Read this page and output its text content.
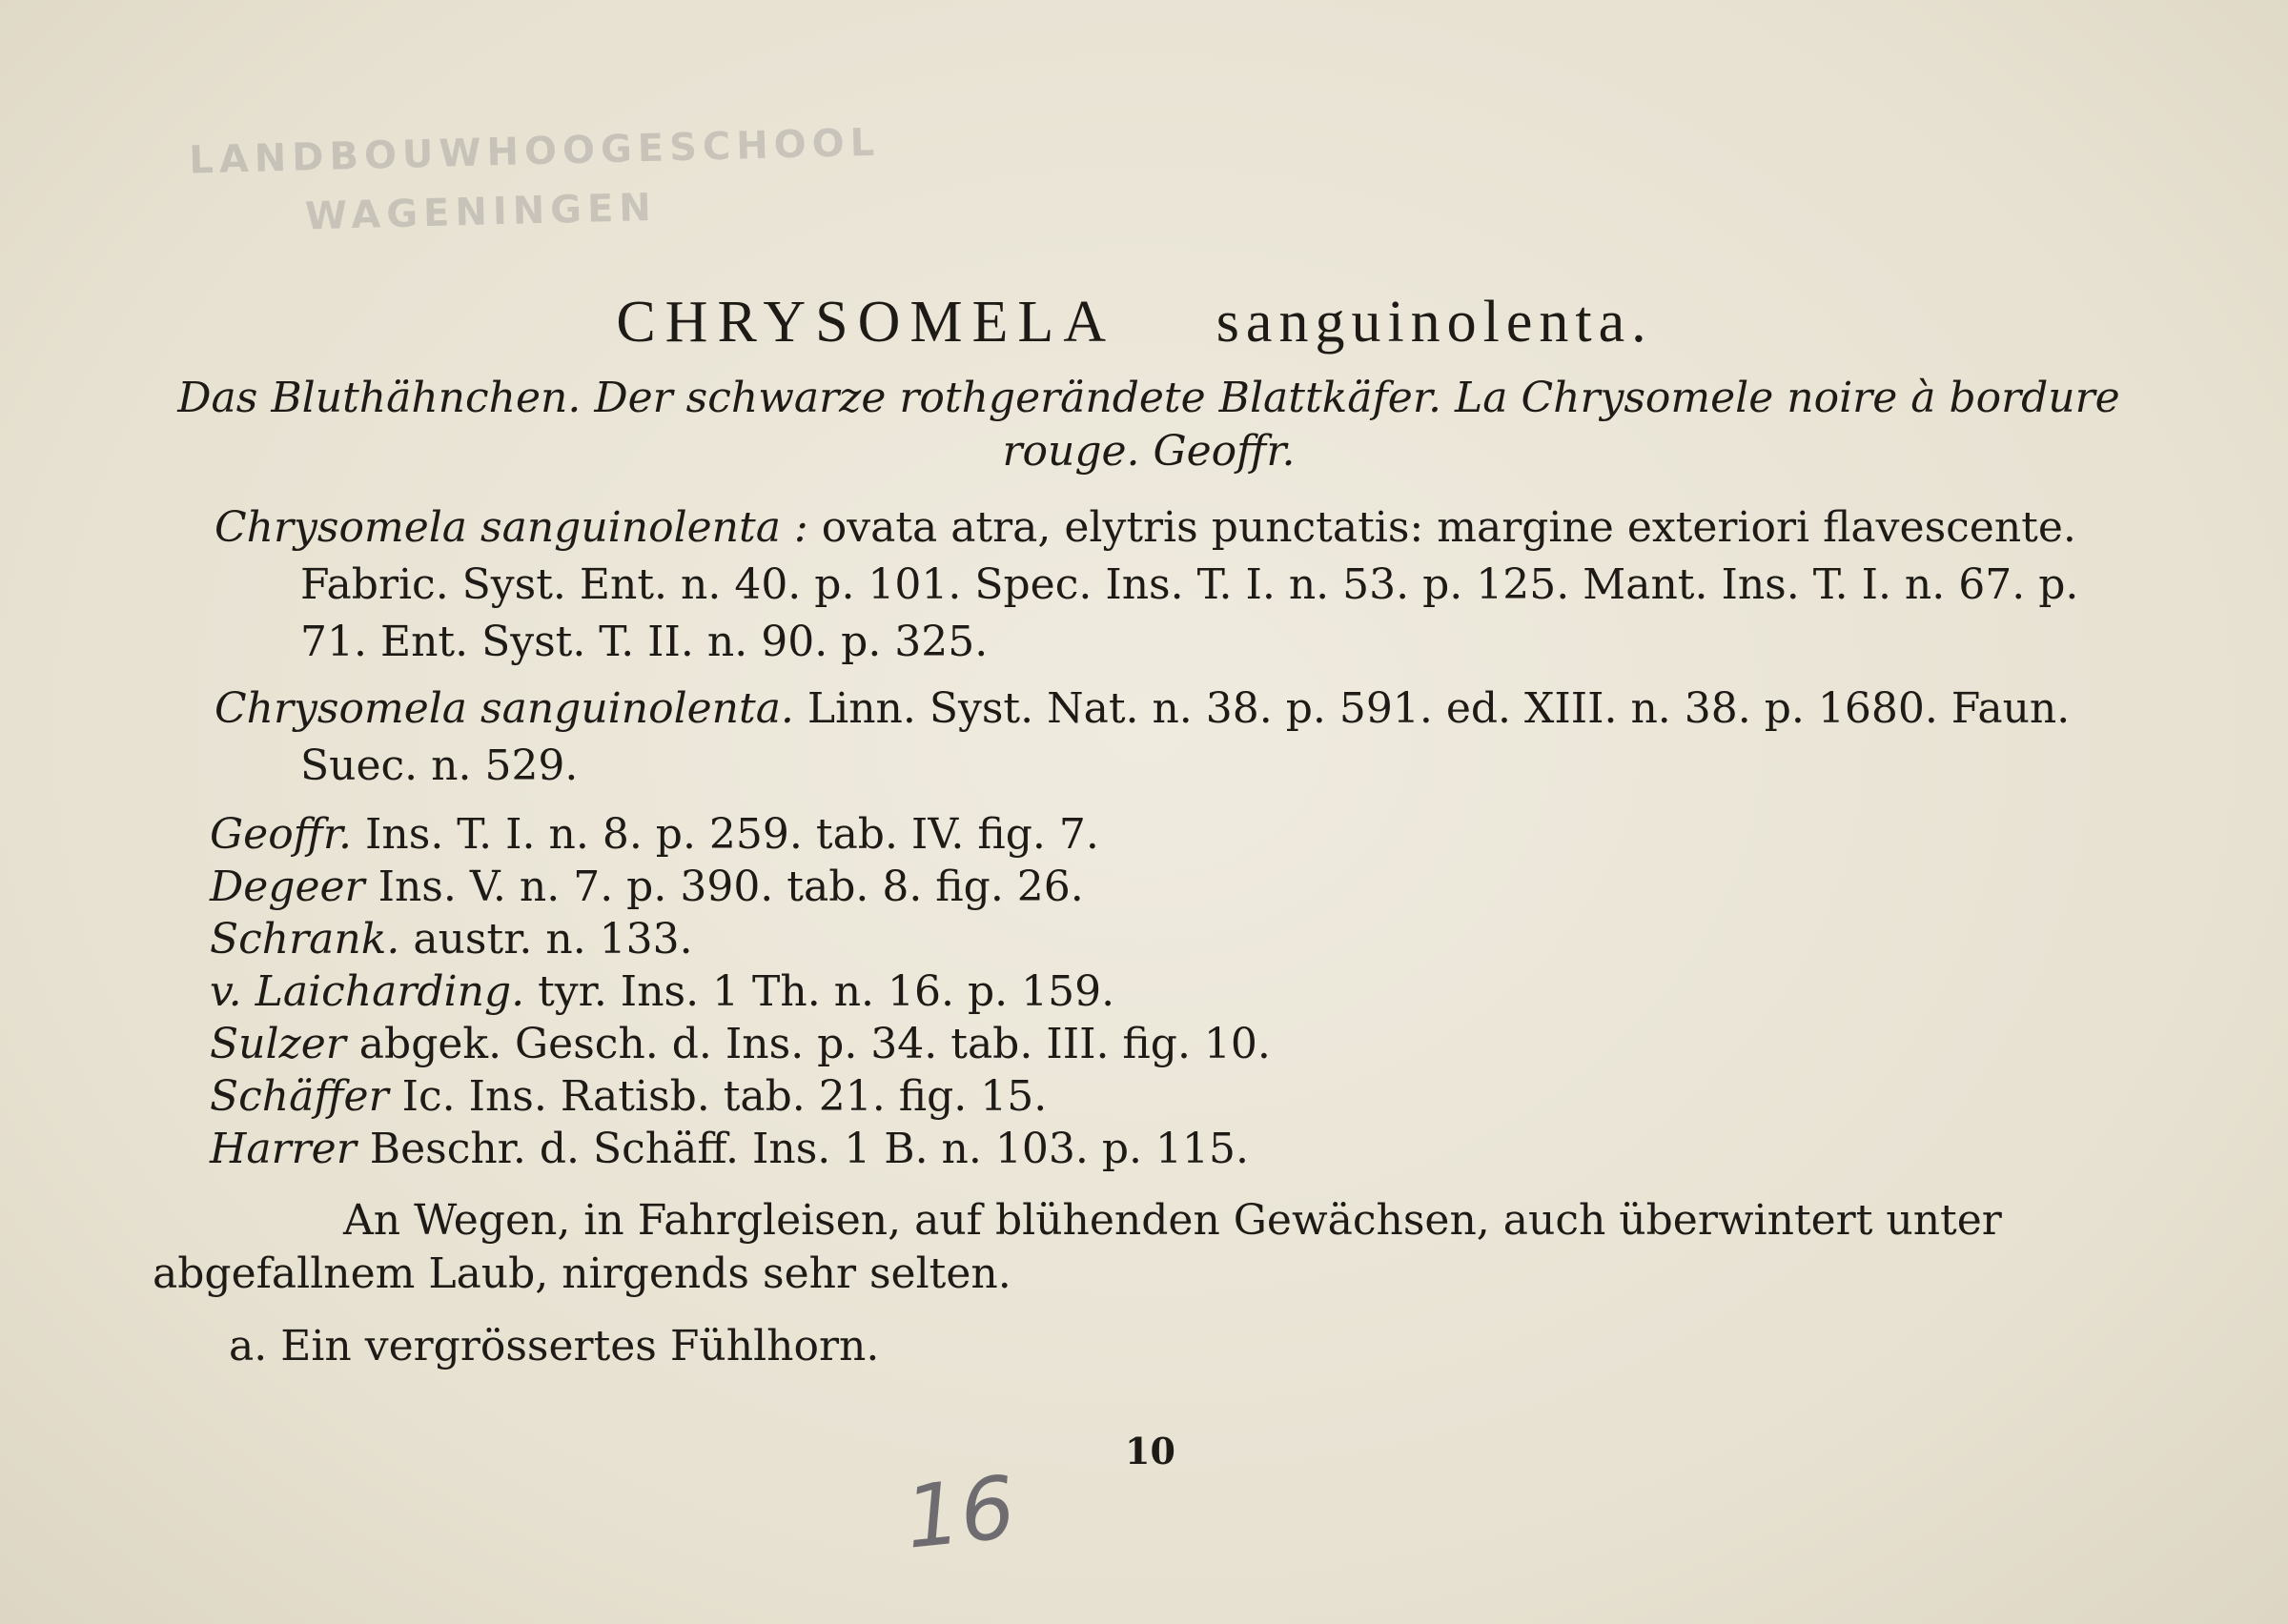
LANDBOUWHOOGESCHOOL
WAGENINGEN
CHRYSOMELA sanguinolenta.
Das Bluthähnchen. Der schwarze rothgerändete Blattkäfer. La Chrysomele noire à bordure rouge. Geoffr.
Chrysomela sanguinolenta : ovata atra, elytris punctatis: margine exteriori flavescente. Fabric. Syst. Ent. n. 40. p. 101. Spec. Ins. T. I. n. 53. p. 125. Mant. Ins. T. I. n. 67. p. 71. Ent. Syst. T. II. n. 90. p. 325.
Chrysomela sanguinolenta. Linn. Syst. Nat. n. 38. p. 591. ed. XIII. n. 38. p. 1680. Faun. Suec. n. 529.
Geoffr. Ins. T. I. n. 8. p. 259. tab. IV. fig. 7.
Degeer Ins. V. n. 7. p. 390. tab. 8. fig. 26.
Schrank. austr. n. 133.
v. Laicharding. tyr. Ins. 1 Th. n. 16. p. 159.
Sulzer abgek. Gesch. d. Ins. p. 34. tab. III. fig. 10.
Schäffer Ic. Ins. Ratisb. tab. 21. fig. 15.
Harrer Beschr. d. Schäff. Ins. 1 B. n. 103. p. 115.
An Wegen, in Fahrgleisen, auf blühenden Gewächsen, auch überwintert unter abgefallnem Laub, nirgends sehr selten.
a. Ein vergrössertes Fühlhorn.
10
16
